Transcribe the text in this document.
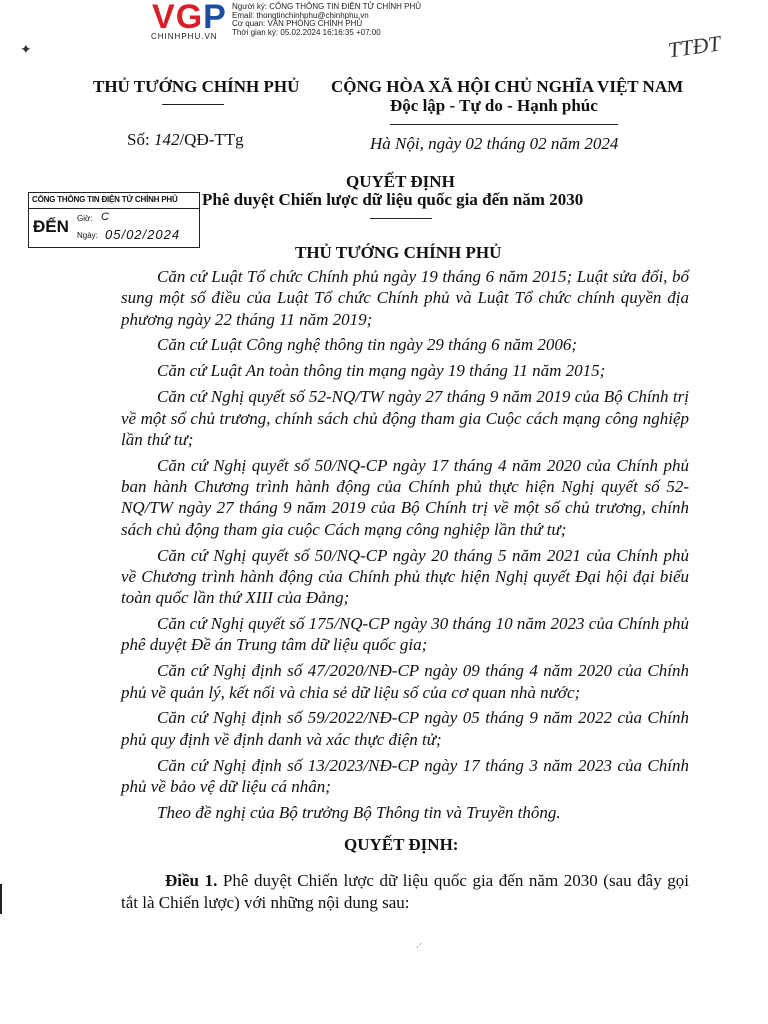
VGP
CHINHPHU.VN
Người ký: CỔNG THÔNG TIN ĐIỆN TỬ CHÍNH PHỦ
Email: thongtinchinhphu@chinhphu.vn
Cơ quan: VĂN PHÒNG CHÍNH PHỦ
Thời gian ký: 05.02.2024 16:16:35 +07:00	TTĐT
✦
THỦ TƯỚNG CHÍNH PHỦ CỘNG HÒA XÃ HỘI CHỦ NGHĨA VIỆT NAM
Độc lập - Tự do - Hạnh phúc
Số: 142/QĐ-TTg	Hà Nội, ngày 02 tháng 02 năm 2024
QUYẾT ĐỊNH
Phê duyệt Chiến lược dữ liệu quốc gia đến năm 2030
CỔNG THÔNG TIN ĐIỆN TỬ CHÍNH PHỦ
ĐẾN Giờ: C
Ngày: 05/02/2024
THỦ TƯỚNG CHÍNH PHỦ

Căn cứ Luật Tổ chức Chính phủ ngày 19 tháng 6 năm 2015; Luật sửa đổi, bổ sung một số điều của Luật Tổ chức Chính phủ và Luật Tổ chức chính quyền địa phương ngày 22 tháng 11 năm 2019;

Căn cứ Luật Công nghệ thông tin ngày 29 tháng 6 năm 2006;

Căn cứ Luật An toàn thông tin mạng ngày 19 tháng 11 năm 2015;

Căn cứ Nghị quyết số 52-NQ/TW ngày 27 tháng 9 năm 2019 của Bộ Chính trị về một số chủ trương, chính sách chủ động tham gia Cuộc cách mạng công nghiệp lần thứ tư;

Căn cứ Nghị quyết số 50/NQ-CP ngày 17 tháng 4 năm 2020 của Chính phủ ban hành Chương trình hành động của Chính phủ thực hiện Nghị quyết số 52-NQ/TW ngày 27 tháng 9 năm 2019 của Bộ Chính trị về một số chủ trương, chính sách chủ động tham gia cuộc Cách mạng công nghiệp lần thứ tư;

Căn cứ Nghị quyết số 50/NQ-CP ngày 20 tháng 5 năm 2021 của Chính phủ về Chương trình hành động của Chính phủ thực hiện Nghị quyết Đại hội đại biểu toàn quốc lần thứ XIII của Đảng;

Căn cứ Nghị quyết số 175/NQ-CP ngày 30 tháng 10 năm 2023 của Chính phủ phê duyệt Đề án Trung tâm dữ liệu quốc gia;

Căn cứ Nghị định số 47/2020/NĐ-CP ngày 09 tháng 4 năm 2020 của Chính phủ về quản lý, kết nối và chia sẻ dữ liệu số của cơ quan nhà nước;

Căn cứ Nghị định số 59/2022/NĐ-CP ngày 05 tháng 9 năm 2022 của Chính phủ quy định về định danh và xác thực điện tử;

Căn cứ Nghị định số 13/2023/NĐ-CP ngày 17 tháng 3 năm 2023 của Chính phủ về bảo vệ dữ liệu cá nhân;

Theo đề nghị của Bộ trưởng Bộ Thông tin và Truyền thông.

QUYẾT ĐỊNH:
Điều 1. Phê duyệt Chiến lược dữ liệu quốc gia đến năm 2030 (sau đây gọi tắt là Chiến lược) với những nội dung sau:
·´
